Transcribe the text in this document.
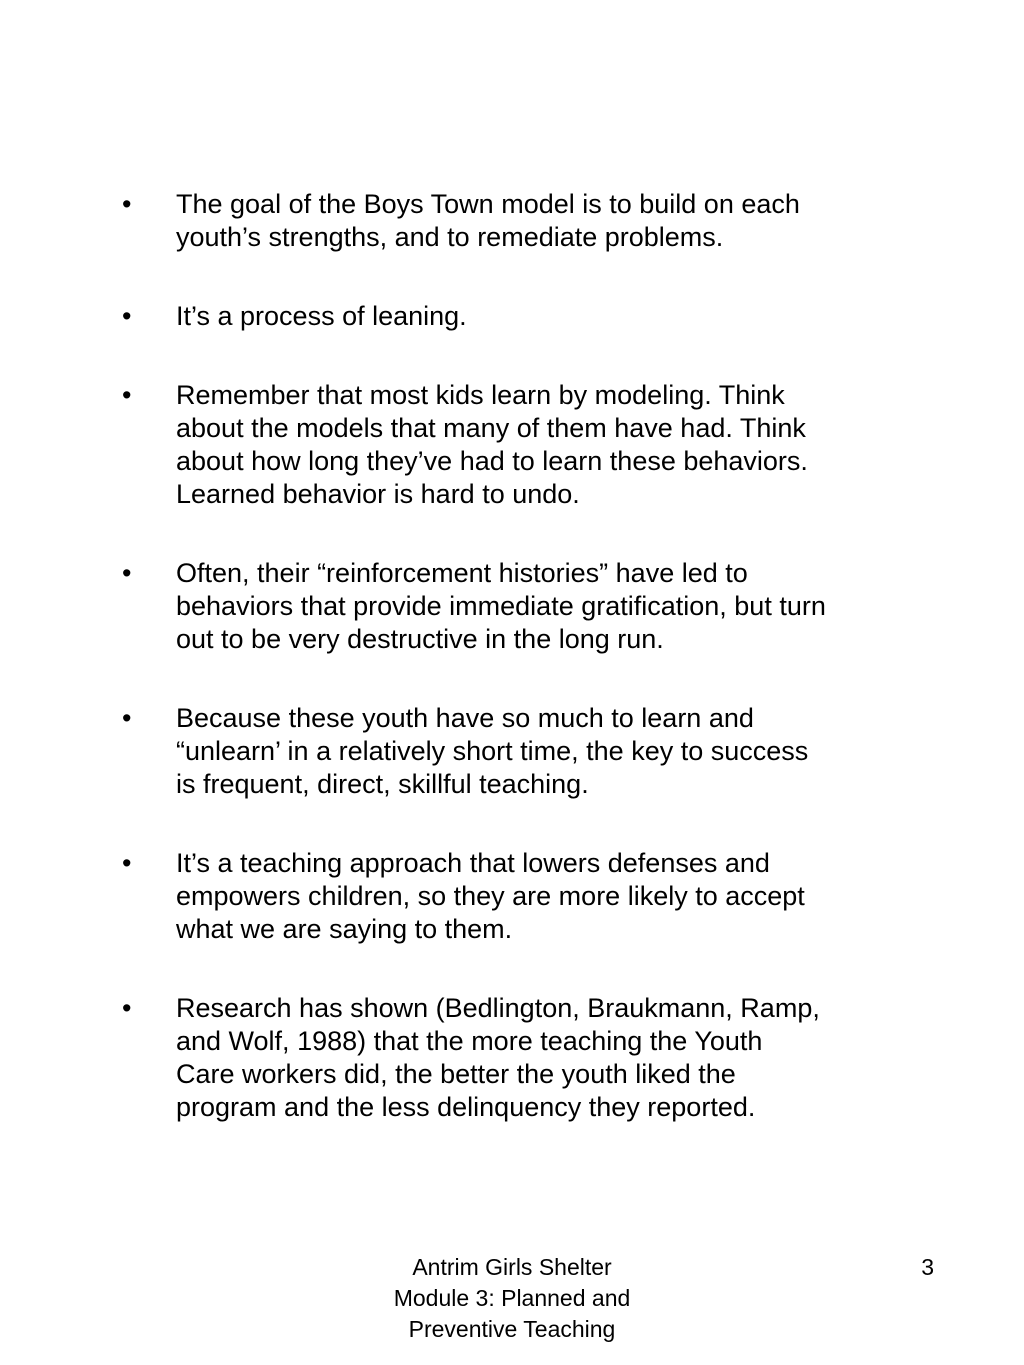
•	The goal of the Boys Town model is to build on each
youth’s strengths, and to remediate problems.
•	It’s a process of leaning.
•	Remember that most kids learn by modeling. Think
about the models that many of them have had. Think
about how long they’ve had to learn these behaviors.
Learned behavior is hard to undo.
•	Often, their “reinforcement histories” have led to
behaviors that provide immediate gratification, but turn
out to be very destructive in the long run.
•	Because these youth have so much to learn and
“unlearn’ in a relatively short time, the key to success
is frequent, direct, skillful teaching.
•	It’s a teaching approach that lowers defenses and
empowers children, so they are more likely to accept
what we are saying to them.
•	Research has shown (Bedlington, Braukmann, Ramp,
and Wolf, 1988) that the more teaching the Youth
Care workers did, the better the youth liked the
program and the less delinquency they reported.
Antrim Girls Shelter
Module 3: Planned and
Preventive Teaching
3
